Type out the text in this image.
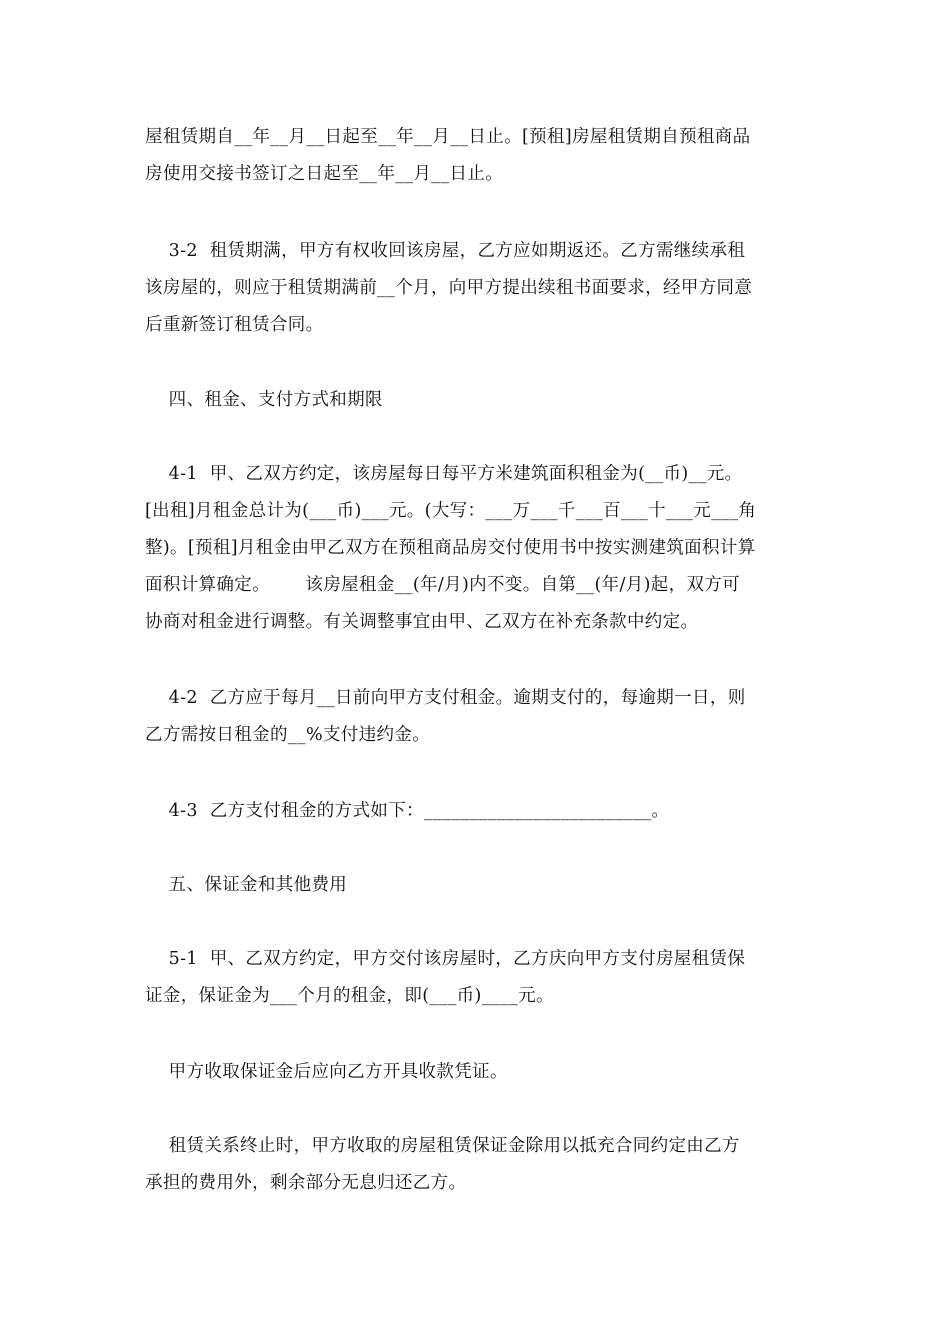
屋租赁期自__年__月__日起至__年__月__日止。[预租]房屋租赁期自预租商品
房使用交接书签订之日起至__年__月__日止。
3-2  租赁期满，甲方有权收回该房屋，乙方应如期返还。乙方需继续承租
该房屋的，则应于租赁期满前__个月，向甲方提出续租书面要求，经甲方同意
后重新签订租赁合同。
四、租金、支付方式和期限
4-1  甲、乙双方约定，该房屋每日每平方米建筑面积租金为(__币)__元。
[出租]月租金总计为(___币)___元。(大写：___万___千___百___十___元___角
整)。[预租]月租金由甲乙双方在预租商品房交付使用书中按实测建筑面积计算
面积计算确定。      该房屋租金__(年/月)内不变。自第__(年/月)起，双方可
协商对租金进行调整。有关调整事宜由甲、乙双方在补充条款中约定。
4-2  乙方应于每月__日前向甲方支付租金。逾期支付的，每逾期一日，则
乙方需按日租金的__%支付违约金。
4-3  乙方支付租金的方式如下：_________________________。
五、保证金和其他费用
5-1  甲、乙双方约定，甲方交付该房屋时，乙方庆向甲方支付房屋租赁保
证金，保证金为___个月的租金，即(___币)____元。
甲方收取保证金后应向乙方开具收款凭证。
租赁关系终止时，甲方收取的房屋租赁保证金除用以抵充合同约定由乙方
承担的费用外，剩余部分无息归还乙方。
